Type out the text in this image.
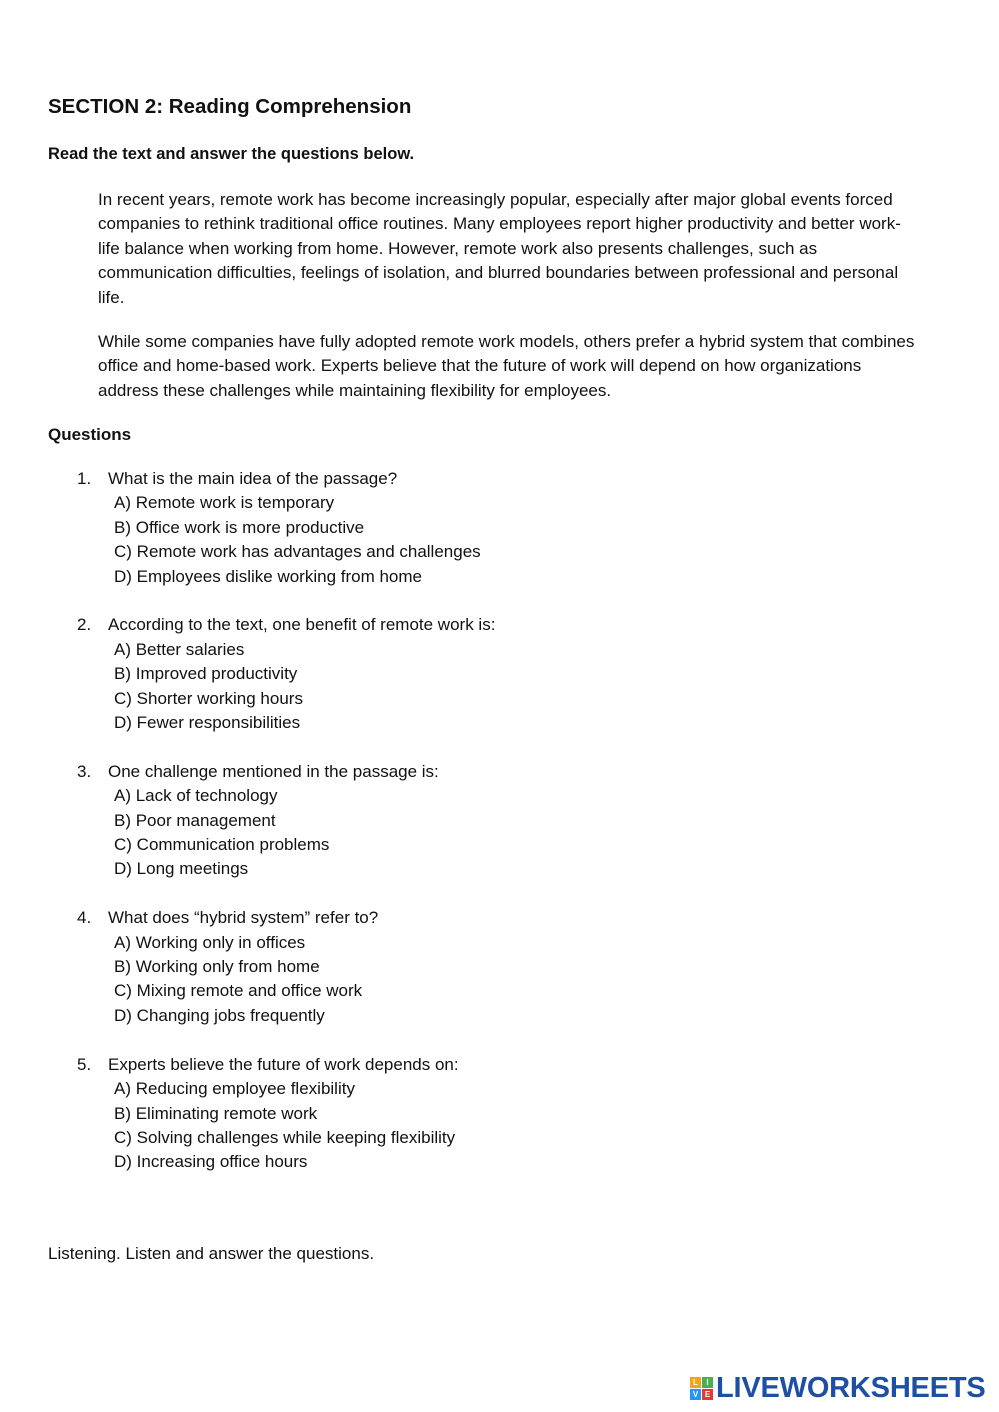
SECTION 2: Reading Comprehension

Read the text and answer the questions below.

In recent years, remote work has become increasingly popular, especially after major global events forced companies to rethink traditional office routines. Many employees report higher productivity and better work-life balance when working from home. However, remote work also presents challenges, such as communication difficulties, feelings of isolation, and blurred boundaries between professional and personal life.

While some companies have fully adopted remote work models, others prefer a hybrid system that combines office and home-based work. Experts believe that the future of work will depend on how organizations address these challenges while maintaining flexibility for employees.

Questions

1. What is the main idea of the passage?
A) Remote work is temporary
B) Office work is more productive
C) Remote work has advantages and challenges
D) Employees dislike working from home
2. According to the text, one benefit of remote work is:
A) Better salaries
B) Improved productivity
C) Shorter working hours
D) Fewer responsibilities
3. One challenge mentioned in the passage is:
A) Lack of technology
B) Poor management
C) Communication problems
D) Long meetings
4. What does “hybrid system” refer to?
A) Working only in offices
B) Working only from home
C) Mixing remote and office work
D) Changing jobs frequently
5. Experts believe the future of work depends on:
A) Reducing employee flexibility
B) Eliminating remote work
C) Solving challenges while keeping flexibility
D) Increasing office hours

Listening. Listen and answer the questions.

L	I
V E LIVEWORKSHEETS
